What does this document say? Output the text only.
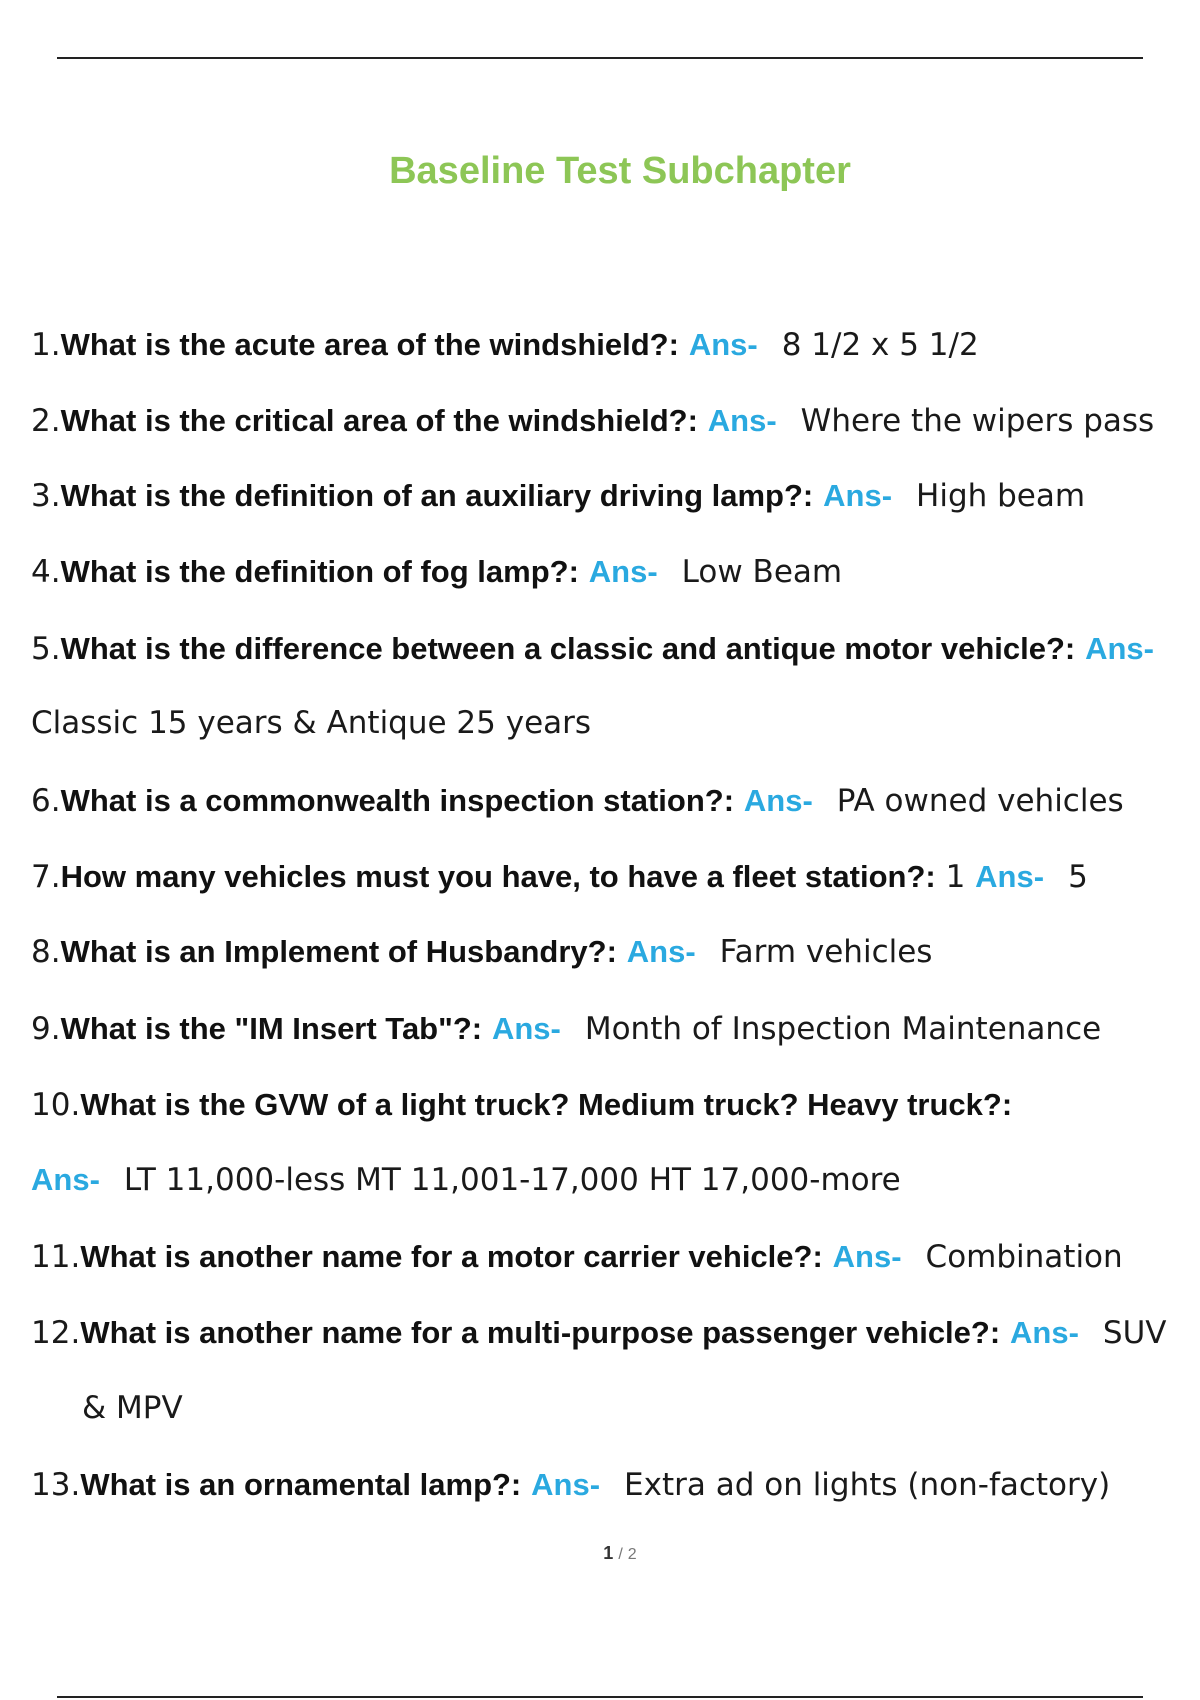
Baseline Test Subchapter
1.What is the acute area of the windshield?: Ans- 8 1/2 x 5 1/2
2.What is the critical area of the windshield?: Ans- Where the wipers pass
3.What is the definition of an auxiliary driving lamp?: Ans- High beam
4.What is the definition of fog lamp?: Ans- Low Beam
5.What is the difference between a classic and antique motor vehicle?: Ans-
Classic 15 years & Antique 25 years
6.What is a commonwealth inspection station?: Ans- PA owned vehicles
7.How many vehicles must you have, to have a fleet station?: 1 Ans- 5
8.What is an Implement of Husbandry?: Ans- Farm vehicles
9.What is the "IM Insert Tab"?: Ans- Month of Inspection Maintenance
10.What is the GVW of a light truck? Medium truck? Heavy truck?:
Ans- LT 11,000-less MT 11,001-17,000 HT 17,000-more
11.What is another name for a motor carrier vehicle?: Ans- Combination
12.What is another name for a multi-purpose passenger vehicle?: Ans- SUV
& MPV
13.What is an ornamental lamp?: Ans- Extra ad on lights (non-factory)
1 / 2
